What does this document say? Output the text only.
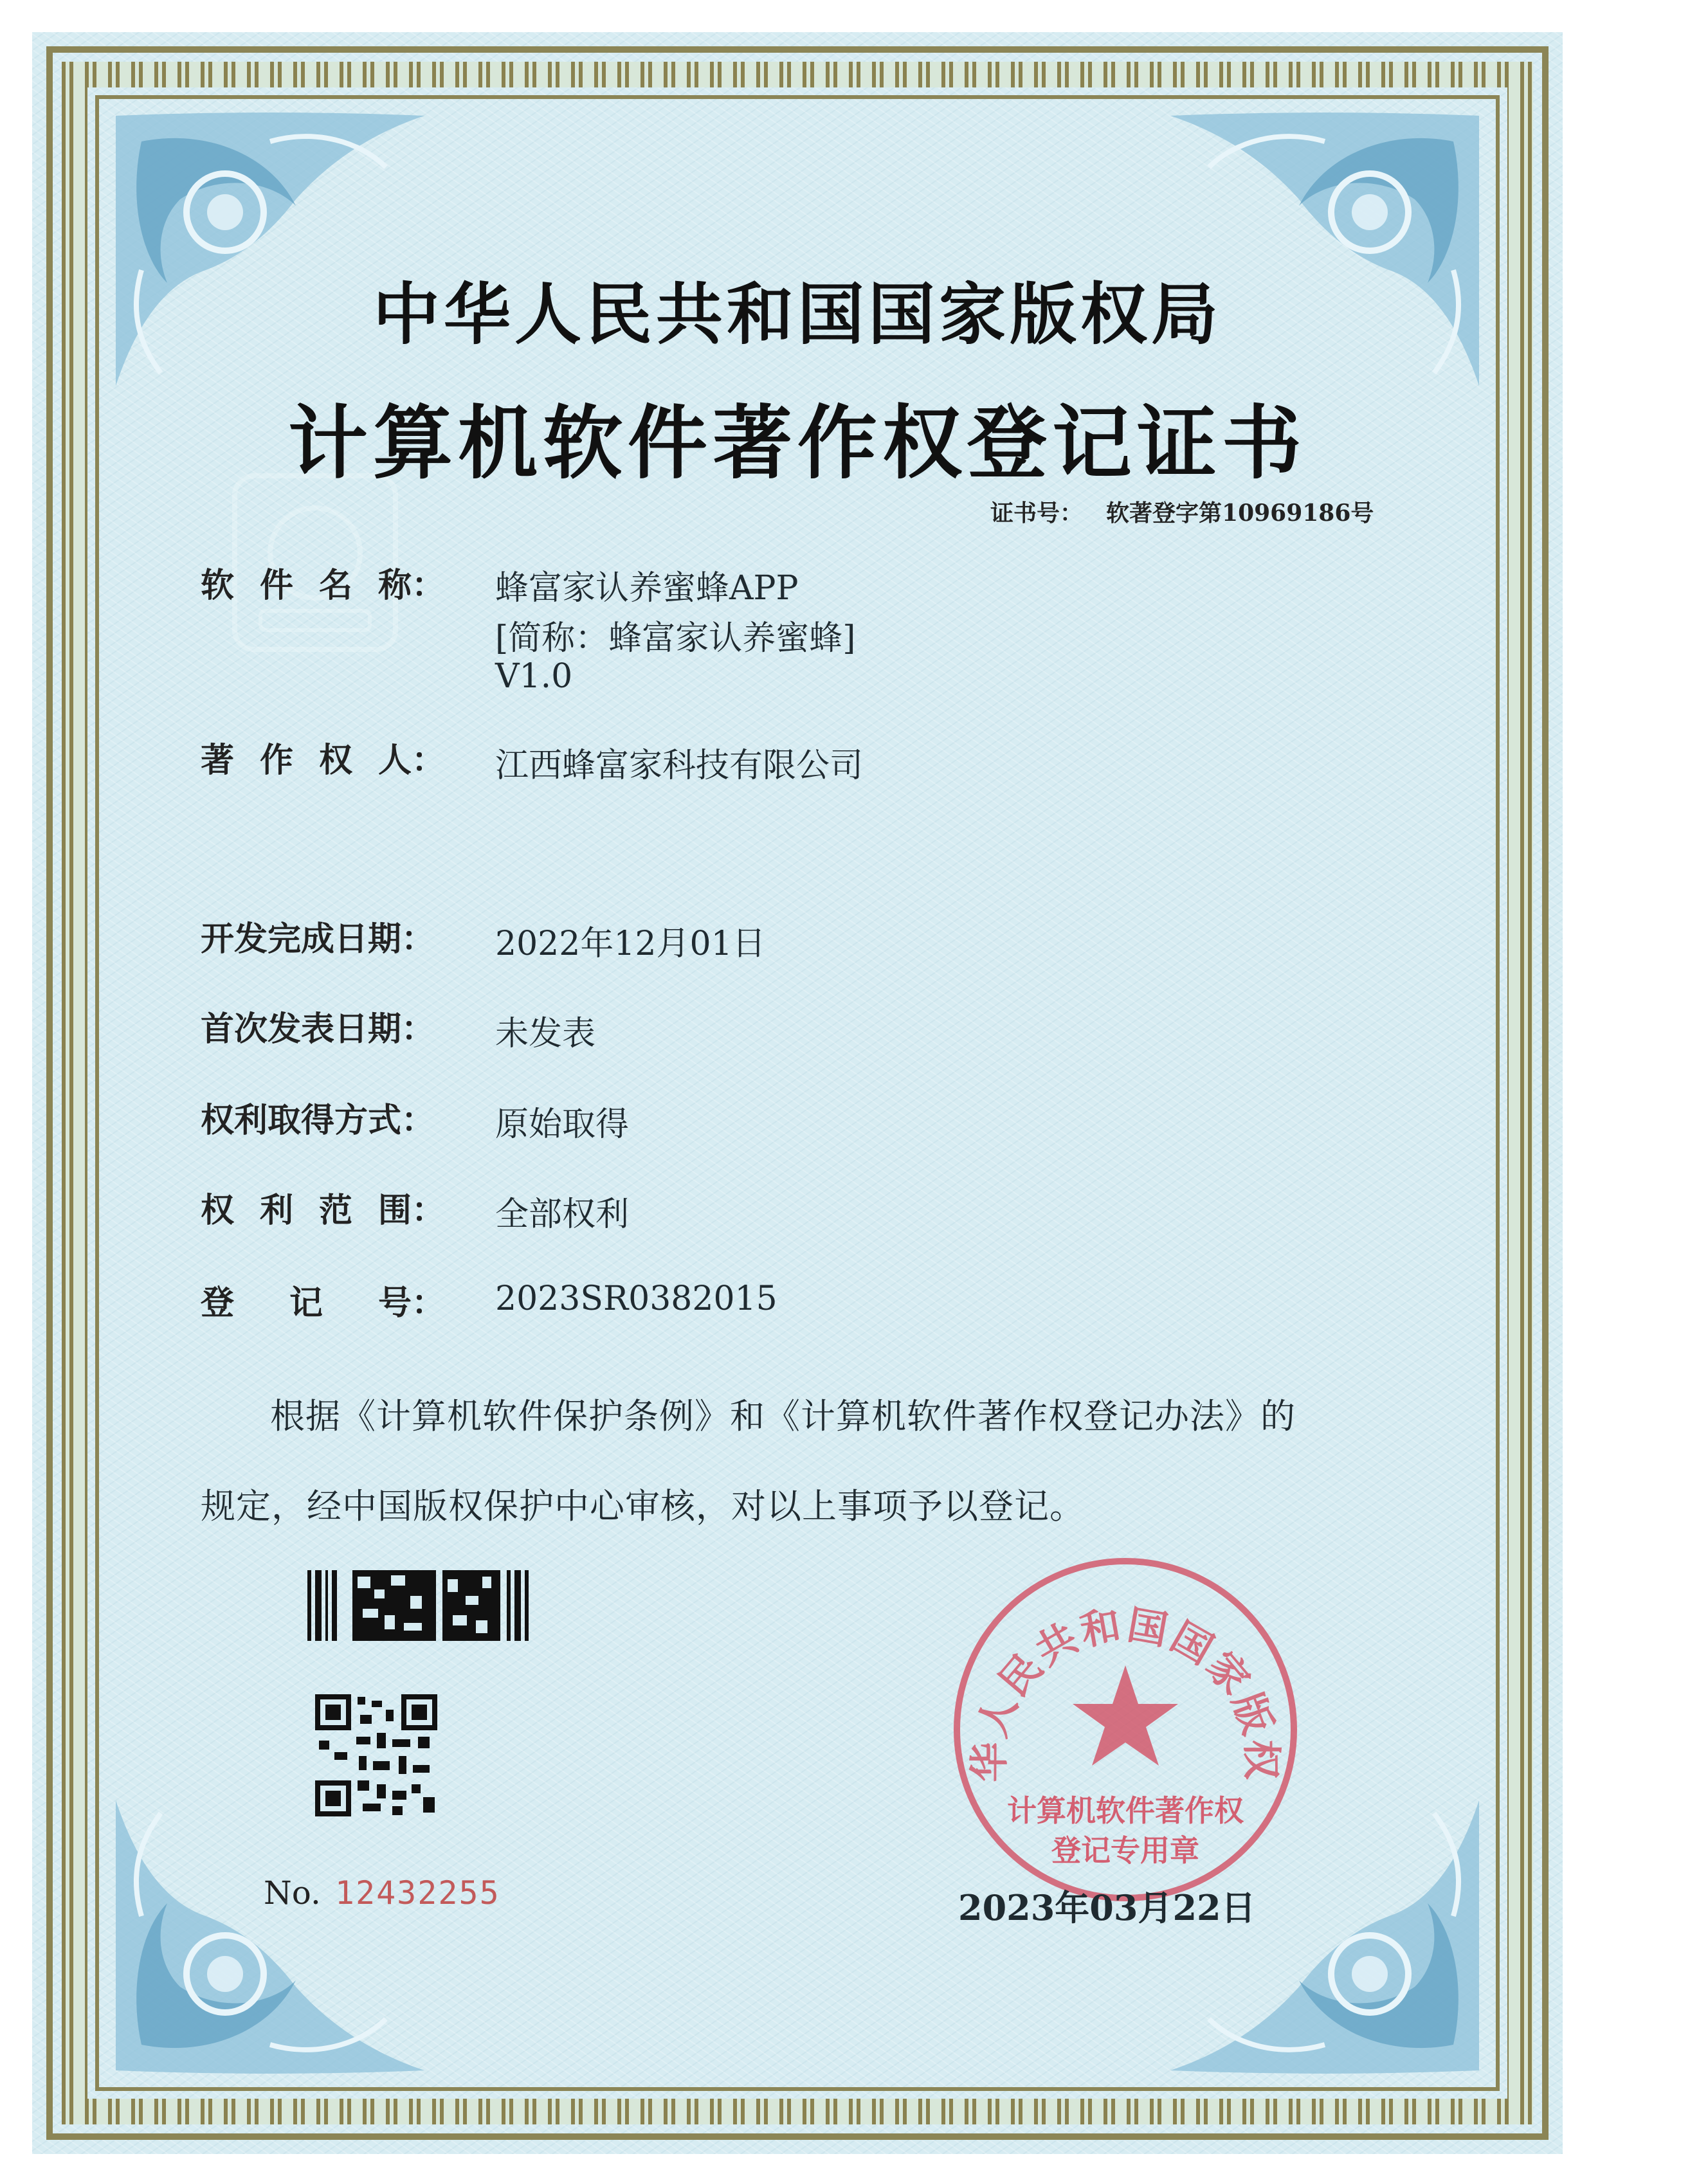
中华人民共和国国家版权局
计算机软件著作权登记证书
证书号： 软著登字第10969186号
软 件 名 称： 蜂富家认养蜜蜂APP
[简称：蜂富家认养蜜蜂]
V1.0
著 作 权 人： 江西蜂富家科技有限公司
开发完成日期：	2022年12月01日
首次发表日期：	未发表
权利取得方式：	原始取得
权 利 范 围： 全部权利
登 记 号： 2023SR0382015
根据《计算机软件保护条例》和《计算机软件著作权登记办法》的
规定，经中国版权保护中心审核，对以上事项予以登记。
No. 12432255
华人民共和国国家版权
计算机软件著作权
登记专用章
2023年03月22日
